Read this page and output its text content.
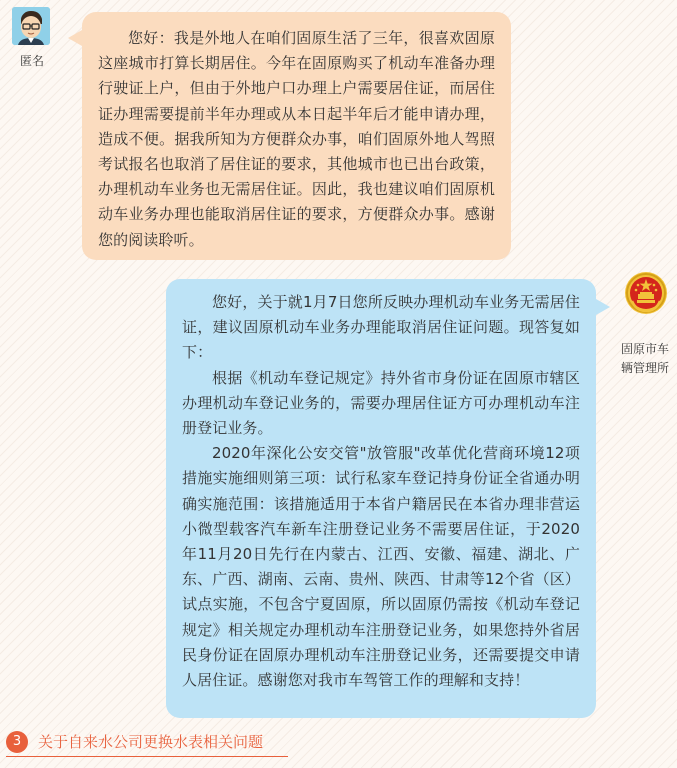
匿名

您好：我是外地人在咱们固原生活了三年，很喜欢固原这座城市打算长期居住。今年在固原购买了机动车准备办理行驶证上户，但由于外地户口办理上户需要居住证，而居住证办理需要提前半年办理或从本日起半年后才能申请办理，造成不便。据我所知为方便群众办事，咱们固原外地人驾照考试报名也取消了居住证的要求，其他城市也已出台政策，办理机动车业务也无需居住证。因此，我也建议咱们固原机动车业务办理也能取消居住证的要求，方便群众办事。感谢您的阅读聆听。

固原市车
辆管理所

您好，关于就1月7日您所反映办理机动车业务无需居住证，建议固原机动车业务办理能取消居住证问题。现答复如下：

根据《机动车登记规定》持外省市身份证在固原市辖区办理机动车登记业务的，需要办理居住证方可办理机动车注册登记业务。

2020年深化公安交管"放管服"改革优化营商环境12项措施实施细则第三项：试行私家车登记持身份证全省通办明确实施范围：该措施适用于本省户籍居民在本省办理非营运小微型载客汽车新车注册登记业务不需要居住证，于2020年11月20日先行在内蒙古、江西、安徽、福建、湖北、广东、广西、湖南、云南、贵州、陕西、甘肃等12个省（区）试点实施，不包含宁夏固原，所以固原仍需按《机动车登记规定》相关规定办理机动车注册登记业务，如果您持外省居民身份证在固原办理机动车注册登记业务，还需要提交申请人居住证。感谢您对我市车驾管工作的理解和支持！

3	关于自来水公司更换水表相关问题
